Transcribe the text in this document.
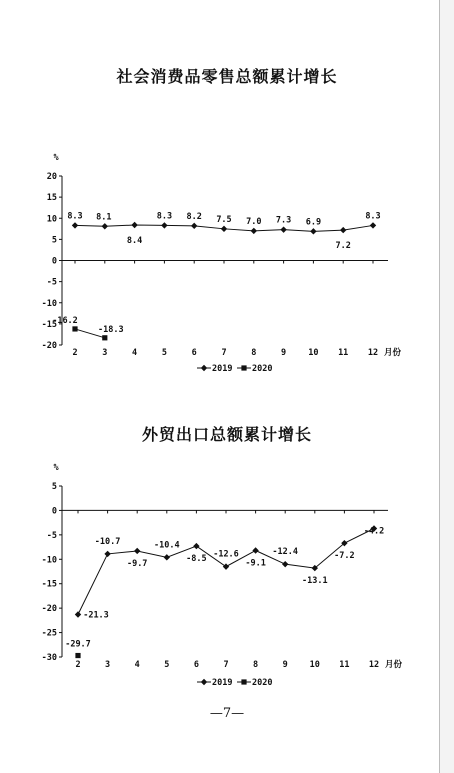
社会消费品零售总额累计增长
%
20
15
10
5
0
-5
-10
-15
-20
2	3	4	5	6	7	8	9	10 11 12 月份
8.3 8.1
8.4
8.3 8.2 7.5 7.0 7.3 6.9
7.2
8.3
-16.2
-18.3
2019 2020
外贸出口总额累计增长
%
5
0
-5
-10
-15
-20
-25
-30
2	3	4	5	6	7	8	9	10 11 12 月份
-21.3
-10.7
-9.7
-10.4
-8.5 -12.6
-9.1
-12.4
-13.1
-7.2
-4.2
-29.7
2019 2020
—7—
